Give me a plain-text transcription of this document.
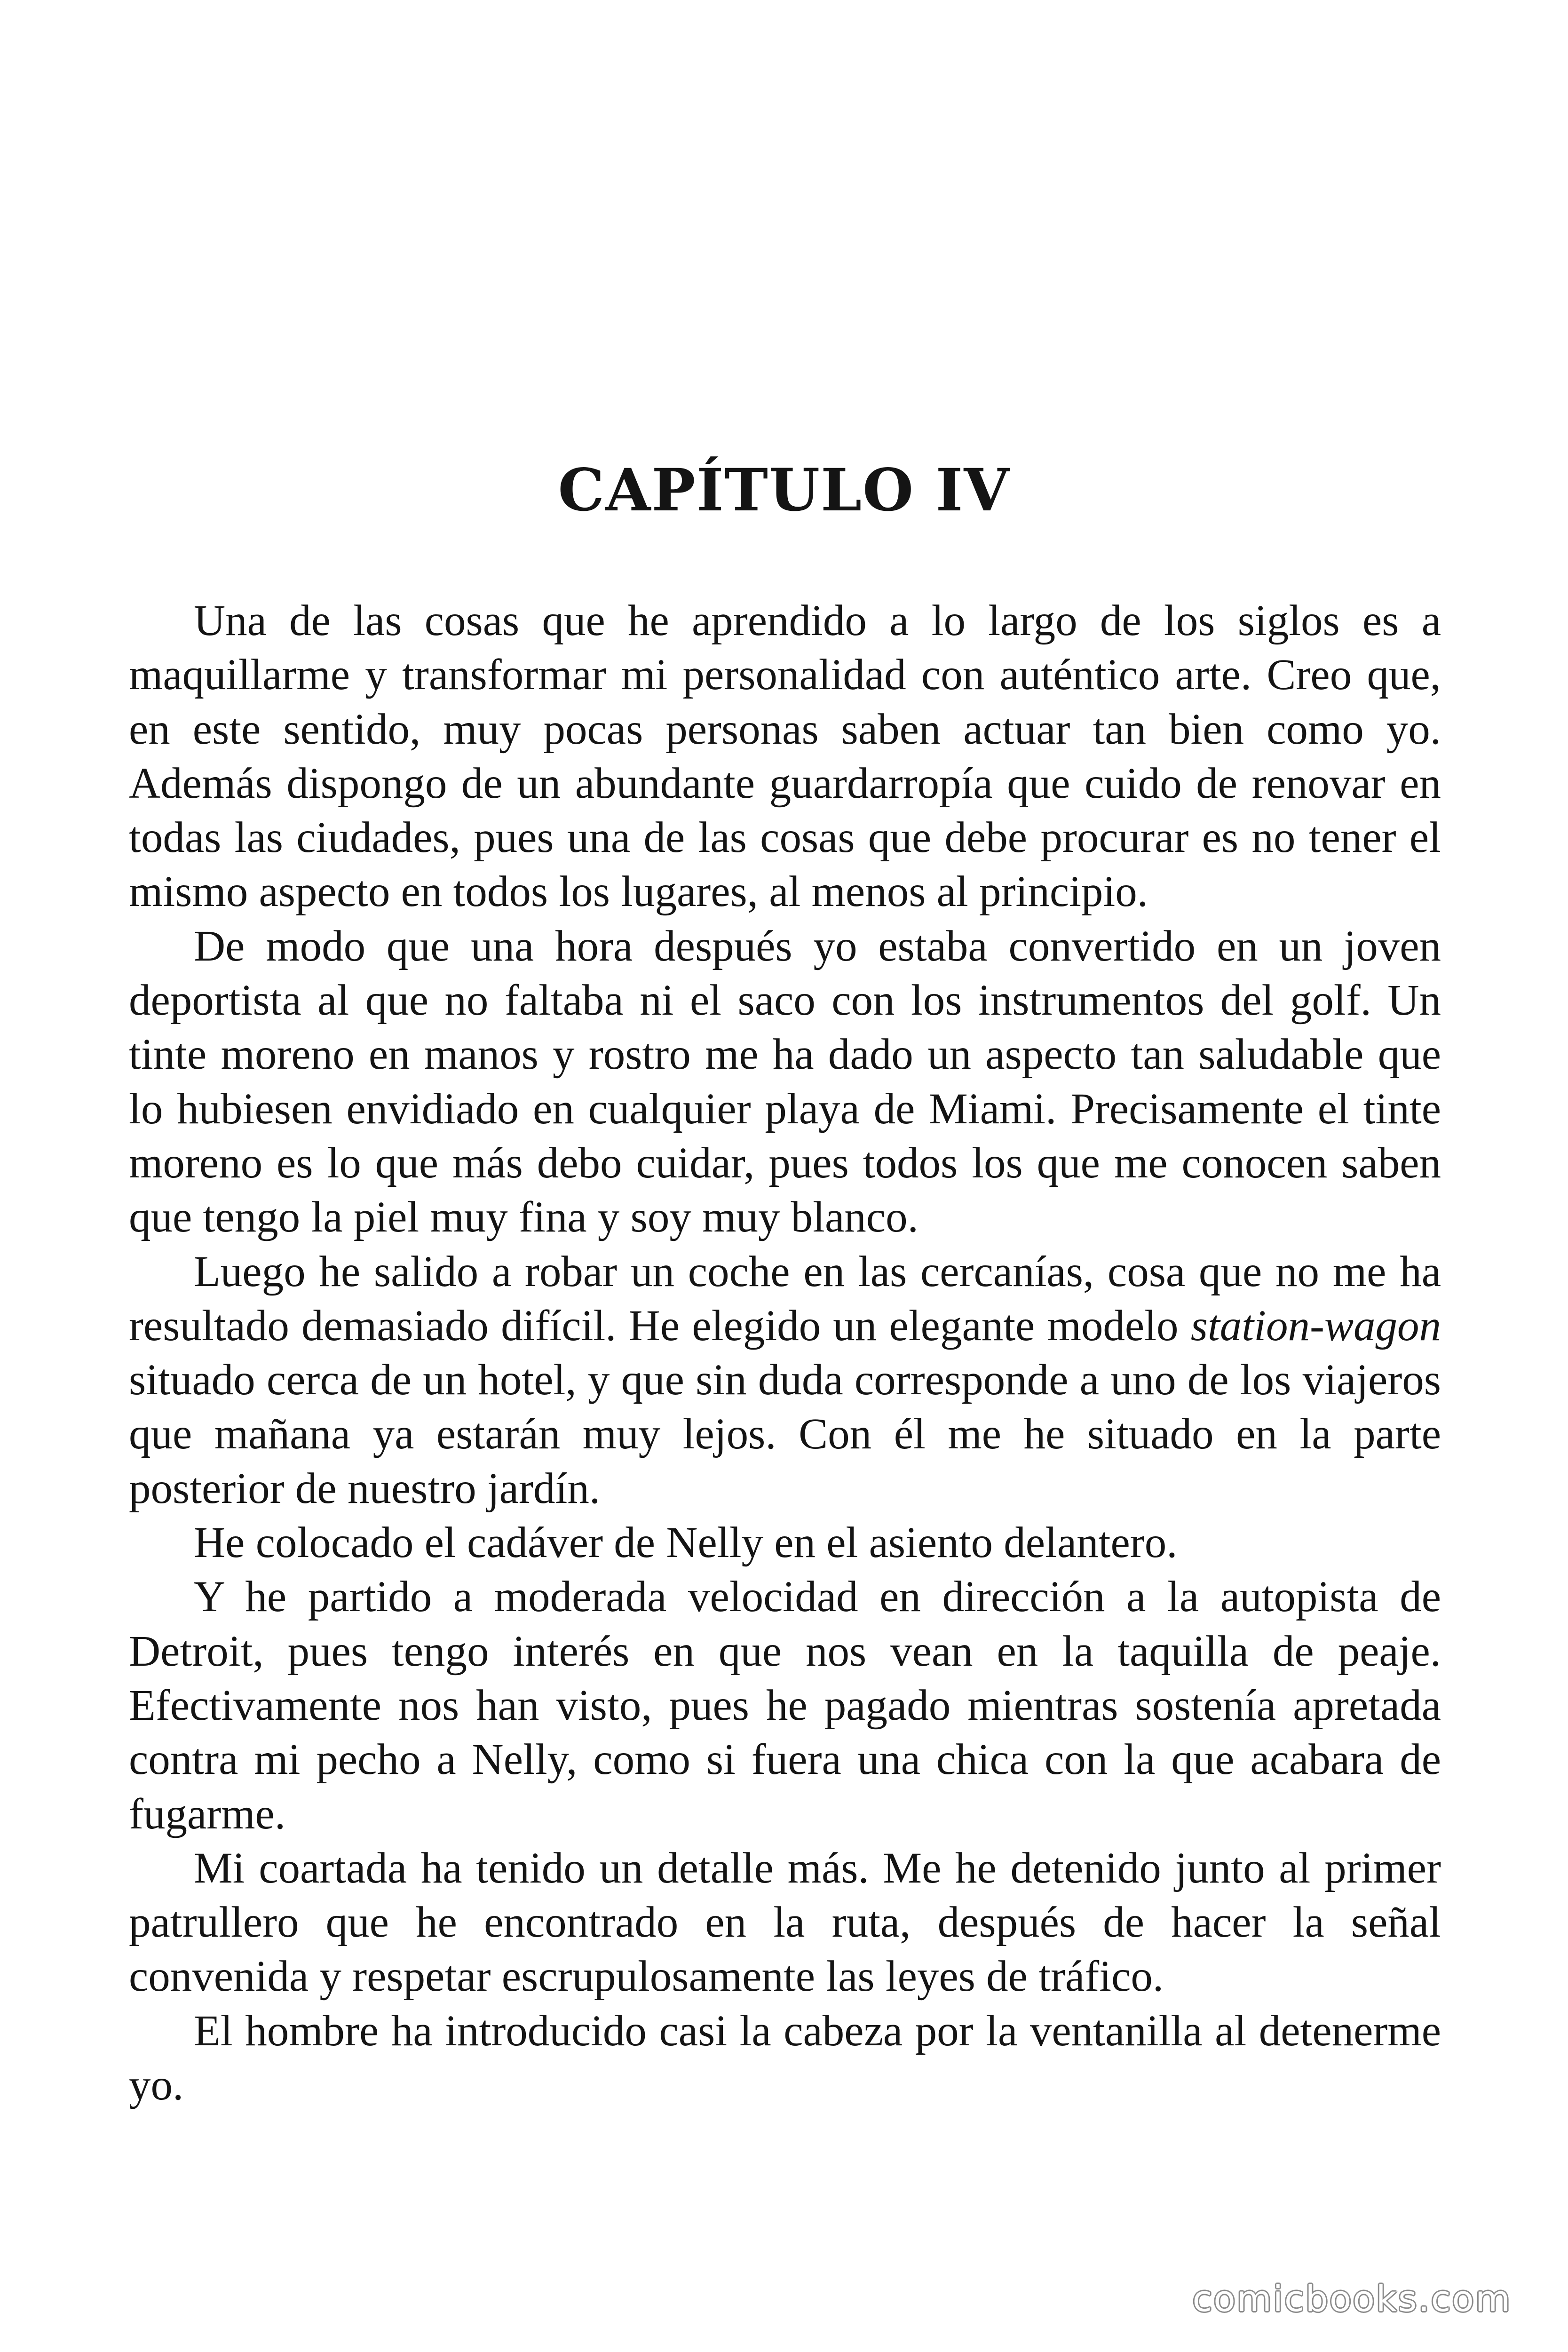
CAPÍTULO IV

Una de las cosas que he aprendido a lo largo de los siglos es a maquillarme y transformar mi personalidad con auténtico arte. Creo que, en este sentido, muy pocas personas saben actuar tan bien como yo. Además dispongo de un abundante guardarropía que cuido de renovar en todas las ciudades, pues una de las cosas que debe procurar es no tener el mismo aspecto en todos los lugares, al menos al principio.

De modo que una hora después yo estaba convertido en un joven deportista al que no faltaba ni el saco con los instrumentos del golf. Un tinte moreno en manos y rostro me ha dado un aspecto tan saludable que lo hubiesen envidiado en cualquier playa de Miami. Precisamente el tinte moreno es lo que más debo cuidar, pues todos los que me conocen saben que tengo la piel muy fina y soy muy blanco.

Luego he salido a robar un coche en las cercanías, cosa que no me ha resultado demasiado difícil. He elegido un elegante modelo station-wagon situado cerca de un hotel, y que sin duda corresponde a uno de los viajeros que mañana ya estarán muy lejos. Con él me he situado en la parte posterior de nuestro jardín.

He colocado el cadáver de Nelly en el asiento delantero.

Y he partido a moderada velocidad en dirección a la autopista de Detroit, pues tengo interés en que nos vean en la taquilla de peaje. Efectivamente nos han visto, pues he pagado mientras sostenía apretada contra mi pecho a Nelly, como si fuera una chica con la que acabara de fugarme.

Mi coartada ha tenido un detalle más. Me he detenido junto al primer patrullero que he encontrado en la ruta, después de hacer la señal convenida y respetar escrupulosamente las leyes de tráfico.

El hombre ha introducido casi la cabeza por la ventanilla al detenerme yo.

comicbooks.com
